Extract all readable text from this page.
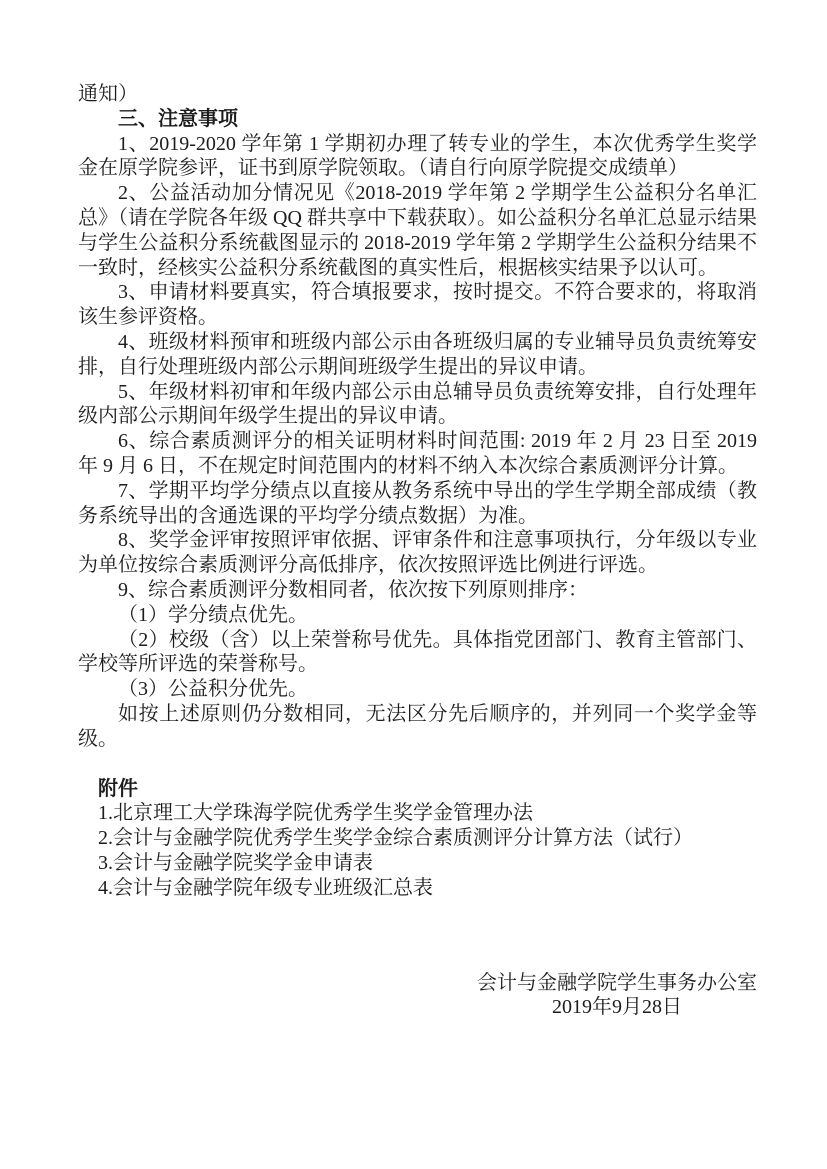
通知）

三、注意事项

1、2019-2020 学年第 1 学期初办理了转专业的学生，本次优秀学生奖学金在原学院参评，证书到原学院领取。（请自行向原学院提交成绩单）

2、公益活动加分情况见《2018-2019 学年第 2 学期学生公益积分名单汇总》（请在学院各年级 QQ 群共享中下载获取）。如公益积分名单汇总显示结果与学生公益积分系统截图显示的 2018-2019 学年第 2 学期学生公益积分结果不一致时，经核实公益积分系统截图的真实性后，根据核实结果予以认可。

3、申请材料要真实，符合填报要求，按时提交。不符合要求的，将取消该生参评资格。

4、班级材料预审和班级内部公示由各班级归属的专业辅导员负责统筹安排，自行处理班级内部公示期间班级学生提出的异议申请。

5、年级材料初审和年级内部公示由总辅导员负责统筹安排，自行处理年级内部公示期间年级学生提出的异议申请。

6、综合素质测评分的相关证明材料时间范围: 2019 年 2 月 23 日至 2019 年 9 月 6 日，不在规定时间范围内的材料不纳入本次综合素质测评分计算。

7、学期平均学分绩点以直接从教务系统中导出的学生学期全部成绩（教务系统导出的含通选课的平均学分绩点数据）为准。

8、奖学金评审按照评审依据、评审条件和注意事项执行，分年级以专业为单位按综合素质测评分高低排序，依次按照评选比例进行评选。

9、综合素质测评分数相同者，依次按下列原则排序：

（1）学分绩点优先。

（2）校级（含）以上荣誉称号优先。具体指党团部门、教育主管部门、学校等所评选的荣誉称号。

（3）公益积分优先。

如按上述原则仍分数相同，无法区分先后顺序的，并列同一个奖学金等级。

附件

1.北京理工大学珠海学院优秀学生奖学金管理办法

2.会计与金融学院优秀学生奖学金综合素质测评分计算方法（试行）

3.会计与金融学院奖学金申请表

4.会计与金融学院年级专业班级汇总表

会计与金融学院学生事务办公室

2019年9月28日
